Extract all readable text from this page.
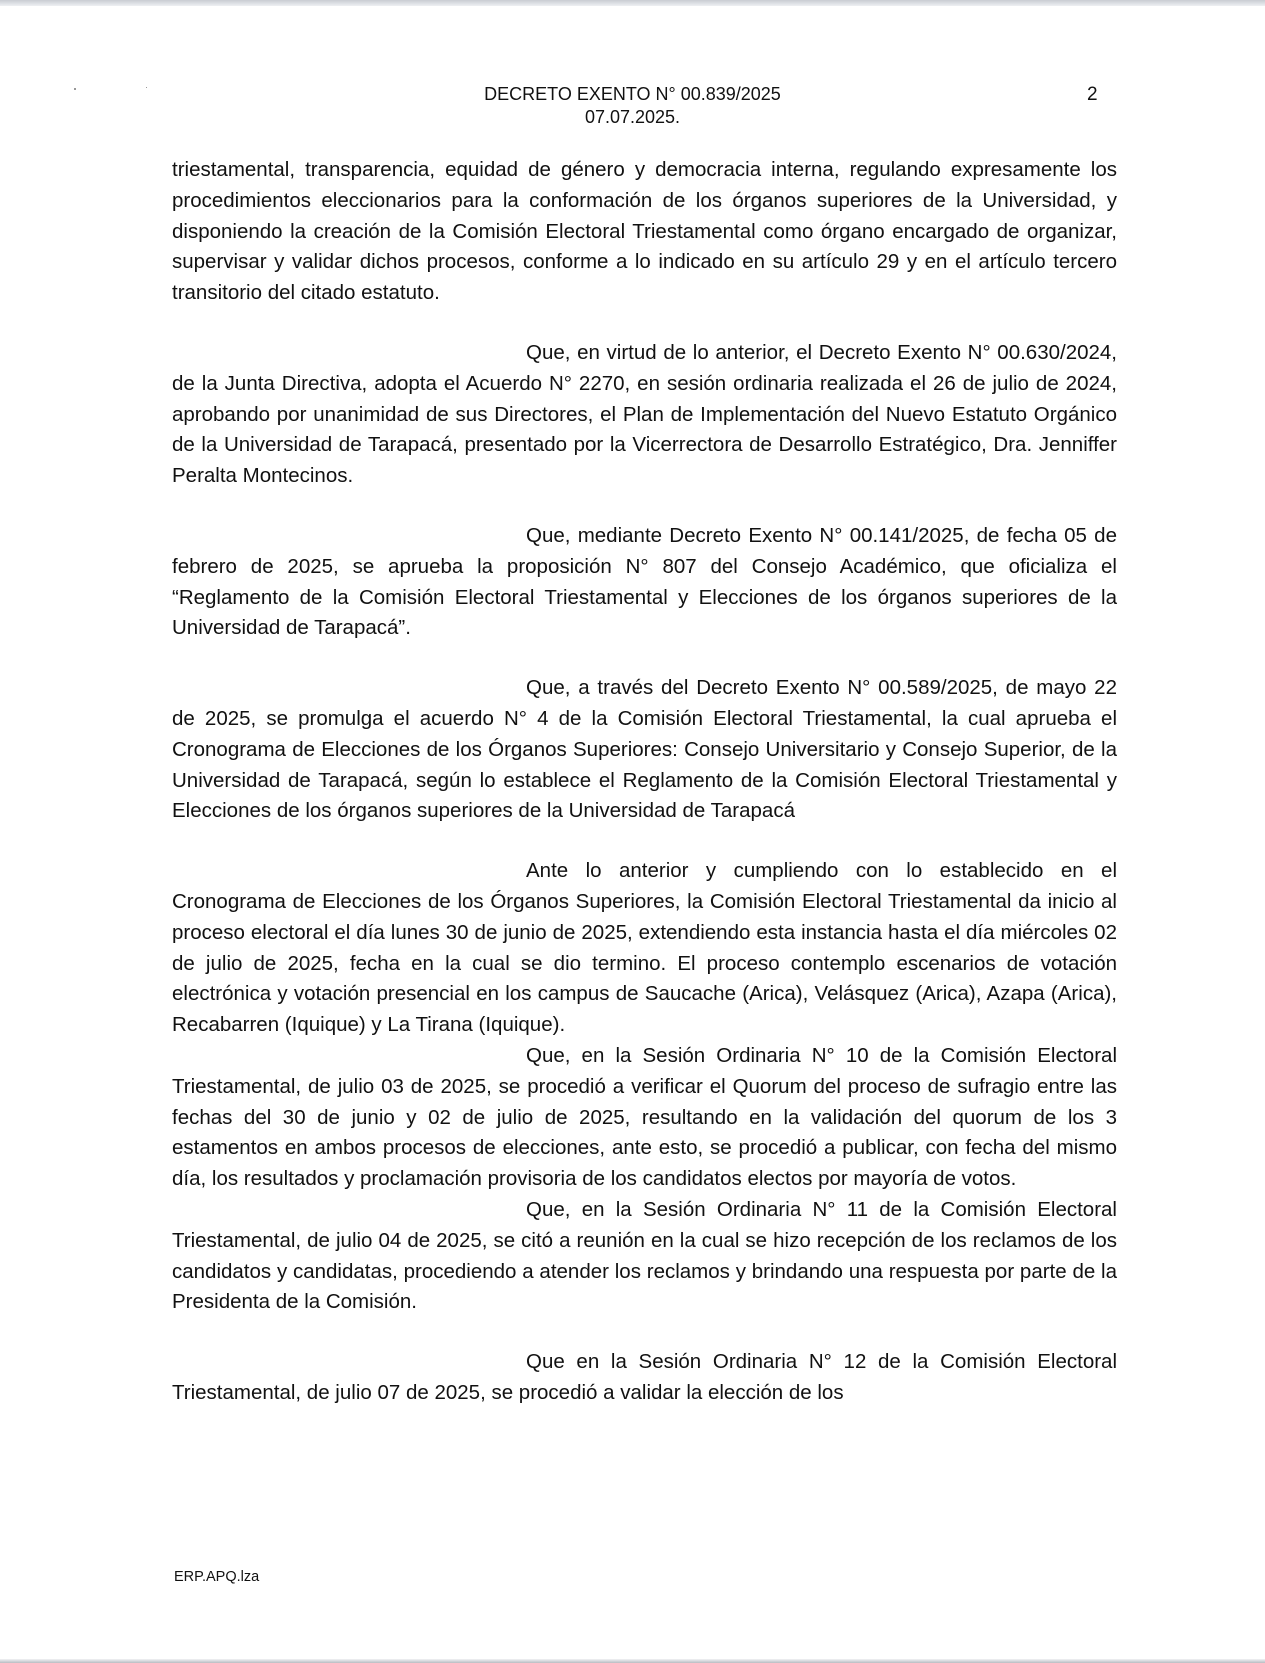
DECRETO EXENTO N° 00.839/2025
07.07.2025.
2

triestamental, transparencia, equidad de género y democracia interna, regulando expresamente los procedimientos eleccionarios para la conformación de los órganos superiores de la Universidad, y disponiendo la creación de la Comisión Electoral Triestamental como órgano encargado de organizar, supervisar y validar dichos procesos, conforme a lo indicado en su artículo 29 y en el artículo tercero transitorio del citado estatuto.

Que, en virtud de lo anterior, el Decreto Exento N° 00.630/2024, de la Junta Directiva, adopta el Acuerdo N° 2270, en sesión ordinaria realizada el 26 de julio de 2024, aprobando por unanimidad de sus Directores, el Plan de Implementación del Nuevo Estatuto Orgánico de la Universidad de Tarapacá, presentado por la Vicerrectora de Desarrollo Estratégico, Dra. Jenniffer Peralta Montecinos.

Que, mediante Decreto Exento N° 00.141/2025, de fecha 05 de febrero de 2025, se aprueba la proposición N° 807 del Consejo Académico, que oficializa el “Reglamento de la Comisión Electoral Triestamental y Elecciones de los órganos superiores de la Universidad de Tarapacá”.

Que, a través del Decreto Exento N° 00.589/2025, de mayo 22 de 2025, se promulga el acuerdo N° 4 de la Comisión Electoral Triestamental, la cual aprueba el Cronograma de Elecciones de los Órganos Superiores: Consejo Universitario y Consejo Superior, de la Universidad de Tarapacá, según lo establece el Reglamento de la Comisión Electoral Triestamental y Elecciones de los órganos superiores de la Universidad de Tarapacá

Ante lo anterior y cumpliendo con lo establecido en el Cronograma de Elecciones de los Órganos Superiores, la Comisión Electoral Triestamental da inicio al proceso electoral el día lunes 30 de junio de 2025, extendiendo esta instancia hasta el día miércoles 02 de julio de 2025, fecha en la cual se dio termino. El proceso contemplo escenarios de votación electrónica y votación presencial en los campus de Saucache (Arica), Velásquez (Arica), Azapa (Arica), Recabarren (Iquique) y La Tirana (Iquique).

Que, en la Sesión Ordinaria N° 10 de la Comisión Electoral Triestamental, de julio 03 de 2025, se procedió a verificar el Quorum del proceso de sufragio entre las fechas del 30 de junio y 02 de julio de 2025, resultando en la validación del quorum de los 3 estamentos en ambos procesos de elecciones, ante esto, se procedió a publicar, con fecha del mismo día, los resultados y proclamación provisoria de los candidatos electos por mayoría de votos.

Que, en la Sesión Ordinaria N° 11 de la Comisión Electoral Triestamental, de julio 04 de 2025, se citó a reunión en la cual se hizo recepción de los reclamos de los candidatos y candidatas, procediendo a atender los reclamos y brindando una respuesta por parte de la Presidenta de la Comisión.

Que en la Sesión Ordinaria N° 12 de la Comisión Electoral Triestamental, de julio 07 de 2025, se procedió a validar la elección de los

ERP.APQ.lza
